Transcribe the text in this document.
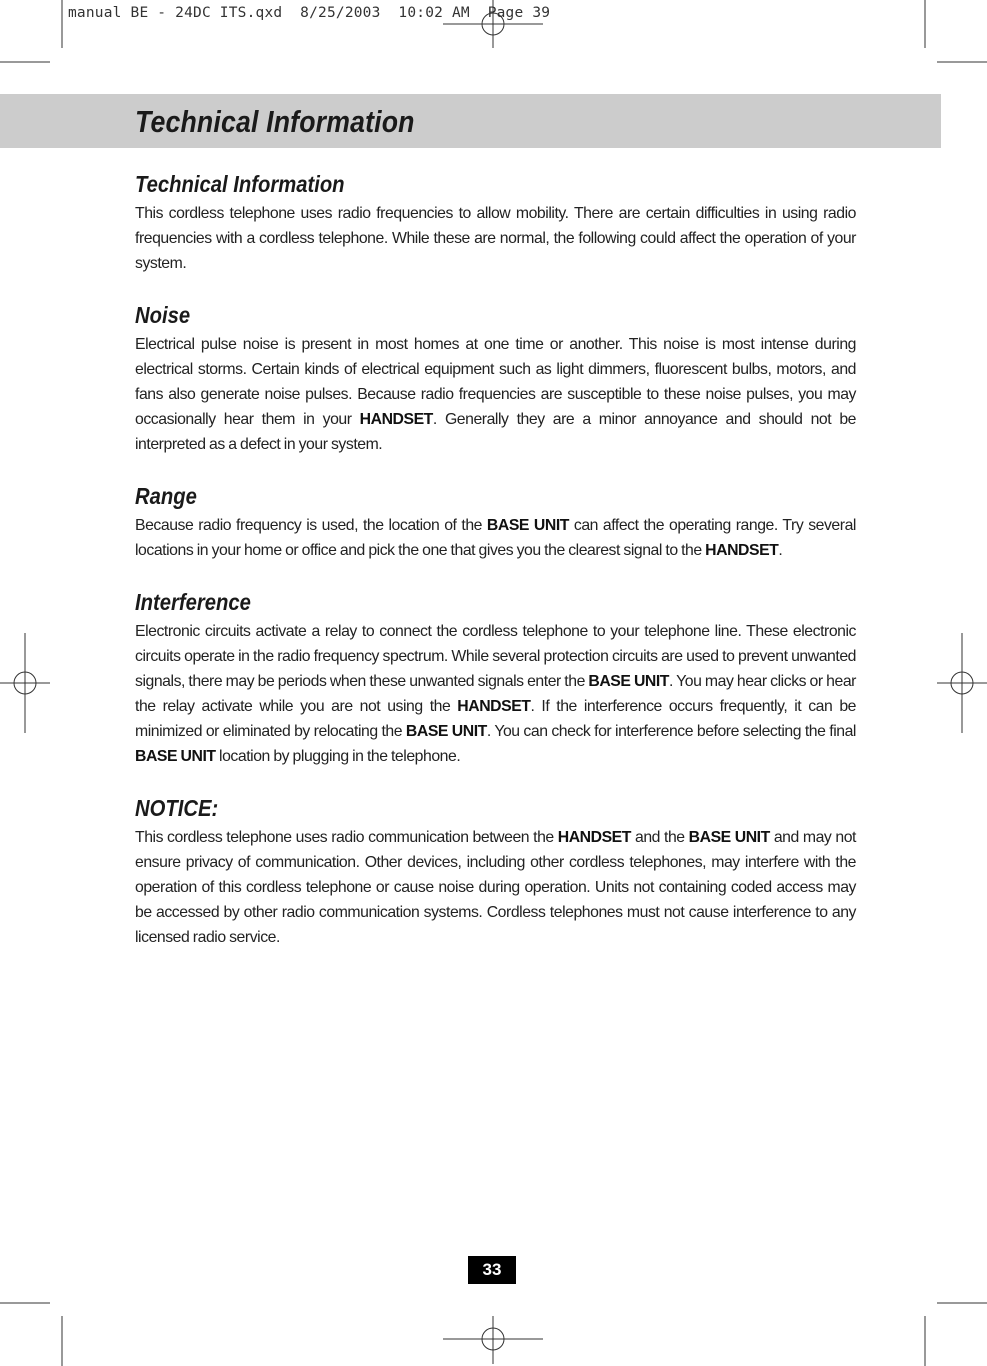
manual BE - 24DC ITS.qxd  8/25/2003  10:02 AM  Page 39
Technical Information
Technical Information

This cordless telephone uses radio frequencies to allow mobility. There are certain difficulties in using radio frequencies with a cordless telephone. While these are normal, the following could affect the operation of your system.

Noise

Electrical pulse noise is present in most homes at one time or another. This noise is most intense during electrical storms. Certain kinds of electrical equipment such as light dimmers, fluorescent bulbs, motors, and fans also generate noise pulses. Because radio frequencies are susceptible to these noise pulses, you may occasionally hear them in your HANDSET. Generally they are a minor annoyance and should not be interpreted as a defect in your system.

Range

Because radio frequency is used, the location of the BASE UNIT can affect the operating range. Try several locations in your home or office and pick the one that gives you the clearest signal to the HANDSET.

Interference

Electronic circuits activate a relay to connect the cordless telephone to your telephone line. These electronic circuits operate in the radio frequency spectrum. While several protection circuits are used to prevent unwanted signals, there may be periods when these unwanted signals enter the BASE UNIT. You may hear clicks or hear the relay activate while you are not using the HANDSET. If the interference occurs frequently, it can be minimized or eliminated by relocating the BASE UNIT. You can check for interference before selecting the final BASE UNIT location by plugging in the telephone.

NOTICE:

This cordless telephone uses radio communication between the HANDSET and the BASE UNIT and may not ensure privacy of communication. Other devices, including other cordless telephones, may interfere with the operation of this cordless telephone or cause noise during operation. Units not containing coded access may be accessed by other radio communication systems. Cordless telephones must not cause interference to any licensed radio service.

33
